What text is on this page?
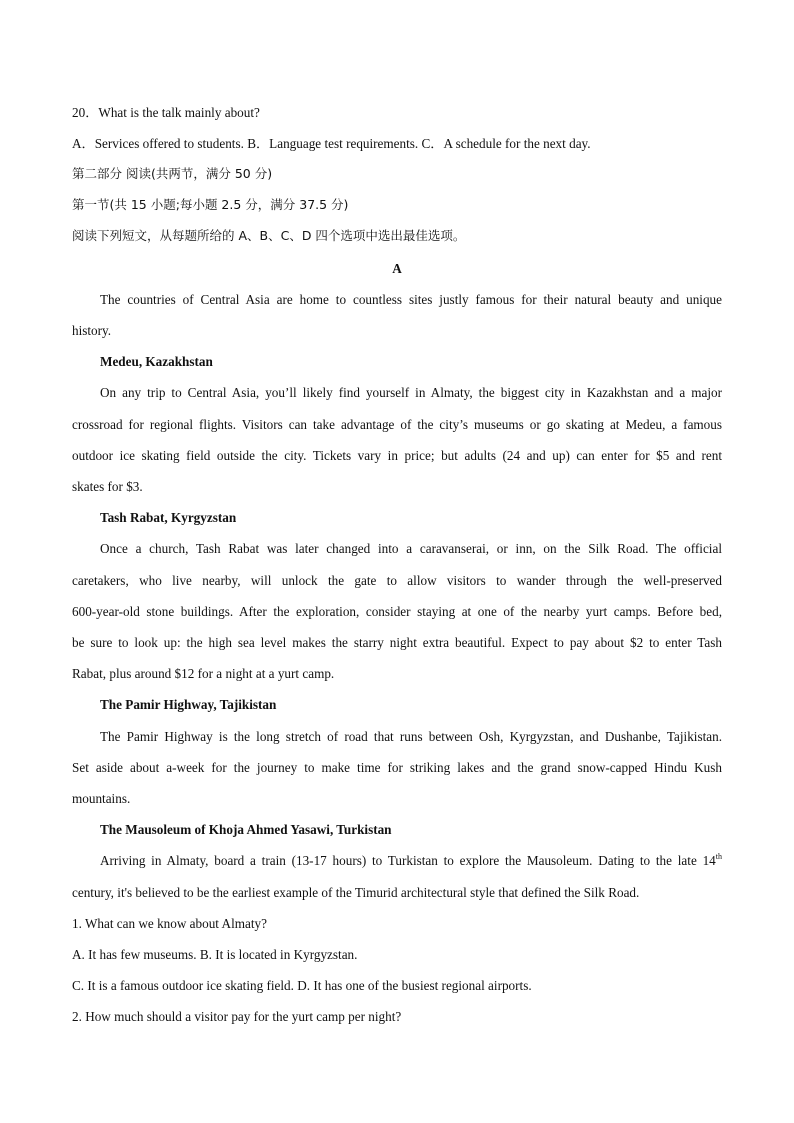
20．What is the talk mainly about?
A．Services offered to students. B．Language test requirements. C．A schedule for the next day.
第二部分 阅读(共两节，满分 50 分)
第一节(共 15 小题;每小题 2.5 分，满分 37.5 分)
阅读下列短文，从每题所给的 A、B、C、D 四个选项中选出最佳选项。
A
The countries of Central Asia are home to countless sites justly famous for their natural beauty and unique
history.
Medeu, Kazakhstan
On any trip to Central Asia, you’ll likely find yourself in Almaty, the biggest city in Kazakhstan and a major
crossroad for regional flights. Visitors can take advantage of the city’s museums or go skating at Medeu, a famous
outdoor ice skating field outside the city. Tickets vary in price; but adults (24 and up) can enter for $5 and rent
skates for $3.
Tash Rabat, Kyrgyzstan
Once a church, Tash Rabat was later changed into a caravanserai, or inn, on the Silk Road. The official
caretakers, who live nearby, will unlock the gate to allow visitors to wander through the well-preserved
600-year-old stone buildings. After the exploration, consider staying at one of the nearby yurt camps. Before bed,
be sure to look up: the high sea level makes the starry night extra beautiful. Expect to pay about $2 to enter Tash
Rabat, plus around $12 for a night at a yurt camp.
The Pamir Highway, Tajikistan
The Pamir Highway is the long stretch of road that runs between Osh, Kyrgyzstan, and Dushanbe, Tajikistan.
Set aside about a-week for the journey to make time for striking lakes and the grand snow-capped Hindu Kush
mountains.
The Mausoleum of Khoja Ahmed Yasawi, Turkistan
Arriving in Almaty, board a train (13-17 hours) to Turkistan to explore the Mausoleum. Dating to the late 14th
century, it's believed to be the earliest example of the Timurid architectural style that defined the Silk Road.
1. What can we know about Almaty?
A. It has few museums. B. It is located in Kyrgyzstan.
C. It is a famous outdoor ice skating field. D. It has one of the busiest regional airports.
2. How much should a visitor pay for the yurt camp per night?
